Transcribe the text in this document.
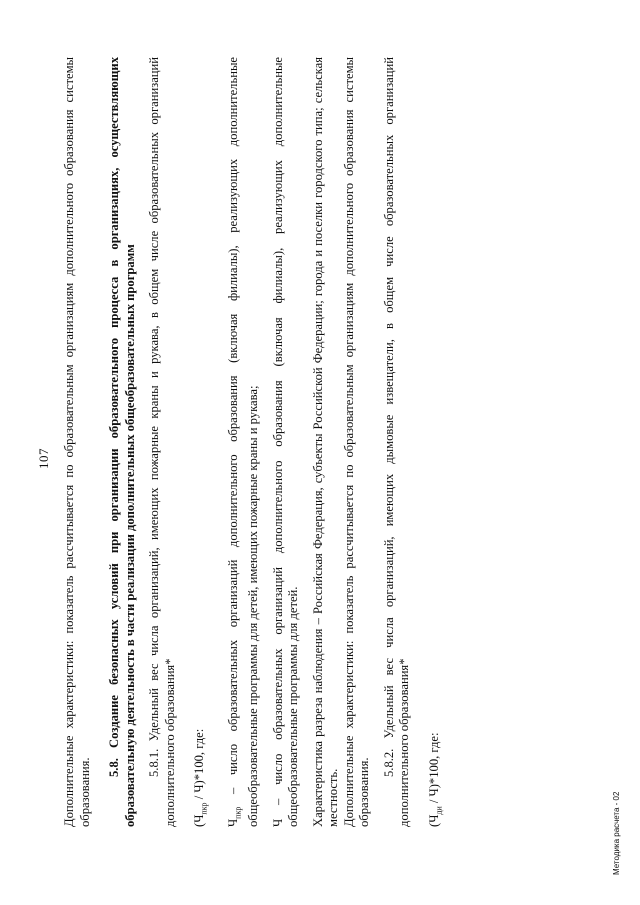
107 Дополнительные характеристики: показатель рассчитывается по образовательным организациям дополнительного образования системы образования.

5.8. Создание безопасных условий при организации образовательного процесса в организациях, осуществляющих образовательную деятельность в части реализации дополнительных общеобразовательных программ 5.8.1. Удельный вес числа организаций, имеющих пожарные краны и рукава, в общем числе образовательных организаций дополнительного образования* $(Ч_{пкр} / Ч)*100$, где:

$Ч_{пкр}$ – число образовательных организаций дополнительного образования (включая филиалы), реализующих дополнительные общеобразовательные программы для детей, имеющих пожарные краны и рукава; Ч – число образовательных организаций дополнительного образования (включая филиалы), реализующих дополнительные общеобразовательные программы для детей. Характеристика разреза наблюдения – Российская Федерация, субъекты Российской Федерации; города и поселки городского типа; сельская местность. Дополнительные характеристики: показатель рассчитывается по образовательным организациям дополнительного образования системы образования.

5.8.2. Удельный вес числа организаций, имеющих дымовые извещатели, в общем числе образовательных организаций дополнительного образования* $(Ч_{ди} / Ч)*100$, где:

Методика расчета - 02
